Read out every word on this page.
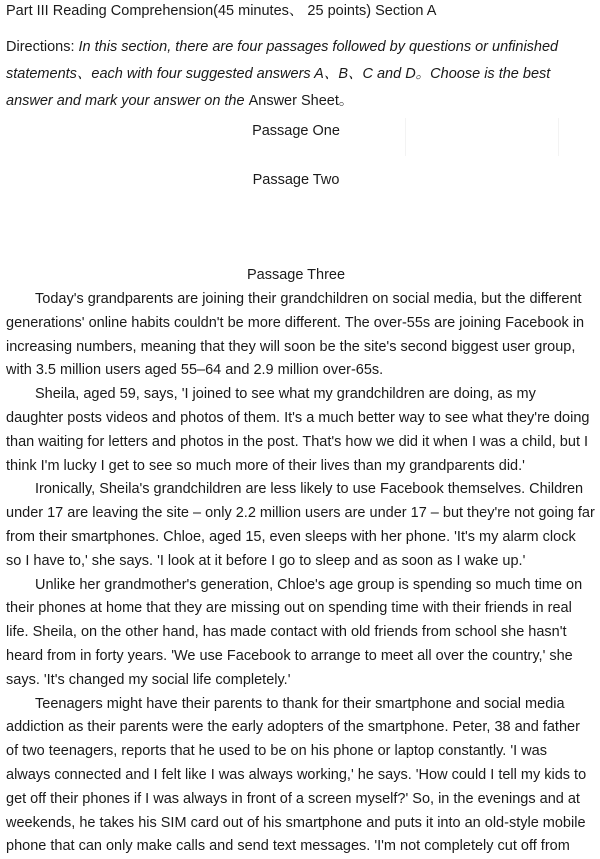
Part III Reading Comprehension(45 minutes、 25 points) Section A
Directions: In this section, there are four passages followed by questions or unfinished statements、each with four suggested answers A、B、C and D。Choose is the best answer and mark your answer on the Answer Sheet。
Passage One
Passage Two
Passage Three

Today's grandparents are joining their grandchildren on social media, but the different generations' online habits couldn't be more different. The over-55s are joining Facebook in increasing numbers, meaning that they will soon be the site's second biggest user group, with 3.5 million users aged 55–64 and 2.9 million over-65s.

Sheila, aged 59, says, 'I joined to see what my grandchildren are doing, as my daughter posts videos and photos of them. It's a much better way to see what they're doing than waiting for letters and photos in the post. That's how we did it when I was a child, but I think I'm lucky I get to see so much more of their lives than my grandparents did.'

Ironically, Sheila's grandchildren are less likely to use Facebook themselves. Children under 17 are leaving the site – only 2.2 million users are under 17 – but they're not going far from their smartphones. Chloe, aged 15, even sleeps with her phone. 'It's my alarm clock so I have to,' she says. 'I look at it before I go to sleep and as soon as I wake up.'

Unlike her grandmother's generation, Chloe's age group is spending so much time on their phones at home that they are missing out on spending time with their friends in real life. Sheila, on the other hand, has made contact with old friends from school she hasn't heard from in forty years. 'We use Facebook to arrange to meet all over the country,' she says. 'It's changed my social life completely.'

Teenagers might have their parents to thank for their smartphone and social media addiction as their parents were the early adopters of the smartphone. Peter, 38 and father of two teenagers, reports that he used to be on his phone or laptop constantly. 'I was always connected and I felt like I was always working,' he says. 'How could I tell my kids to get off their phones if I was always in front of a screen myself?' So, in the evenings and at weekends, he takes his SIM card out of his smartphone and puts it into an old-style mobile phone that can only make calls and send text messages. 'I'm not completely cut off from
